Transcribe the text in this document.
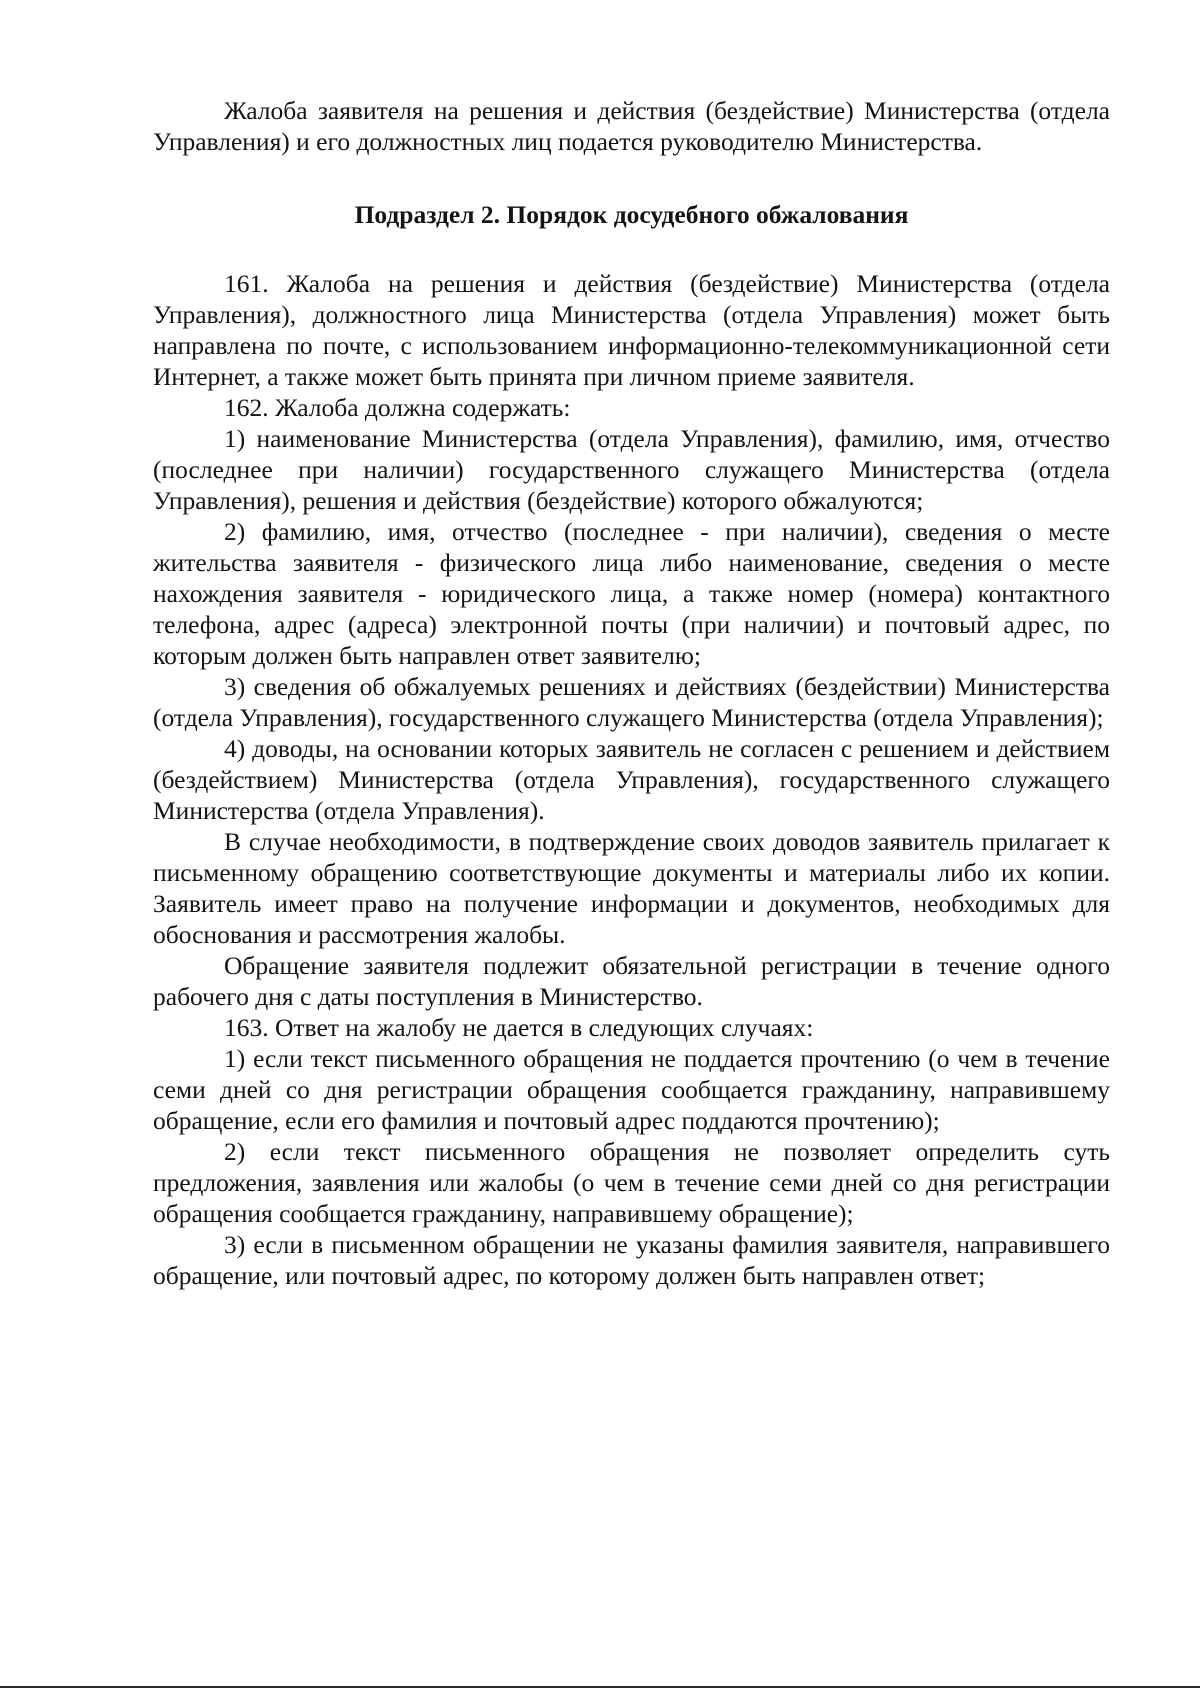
Жалоба заявителя на решения и действия (бездействие) Министерства (отдела Управления) и его должностных лиц подается руководителю Министерства.

Подраздел 2. Порядок досудебного обжалования

161. Жалоба на решения и действия (бездействие) Министерства (отдела Управления), должностного лица Министерства (отдела Управления) может быть направлена по почте, с использованием информационно-телекоммуникационной сети Интернет, а также может быть принята при личном приеме заявителя.

162. Жалоба должна содержать:

1) наименование Министерства (отдела Управления), фамилию, имя, отчество (последнее при наличии) государственного служащего Министерства (отдела Управления), решения и действия (бездействие) которого обжалуются;

2) фамилию, имя, отчество (последнее - при наличии), сведения о месте жительства заявителя - физического лица либо наименование, сведения о месте нахождения заявителя - юридического лица, а также номер (номера) контактного телефона, адрес (адреса) электронной почты (при наличии) и почтовый адрес, по которым должен быть направлен ответ заявителю;

3) сведения об обжалуемых решениях и действиях (бездействии) Министерства (отдела Управления), государственного служащего Министерства (отдела Управления);

4) доводы, на основании которых заявитель не согласен с решением и действием (бездействием) Министерства (отдела Управления), государственного служащего Министерства (отдела Управления).

В случае необходимости, в подтверждение своих доводов заявитель прилагает к письменному обращению соответствующие документы и материалы либо их копии. Заявитель имеет право на получение информации и документов, необходимых для обоснования и рассмотрения жалобы.

Обращение заявителя подлежит обязательной регистрации в течение одного рабочего дня с даты поступления в Министерство.

163. Ответ на жалобу не дается в следующих случаях:

1) если текст письменного обращения не поддается прочтению (о чем в течение семи дней со дня регистрации обращения сообщается гражданину, направившему обращение, если его фамилия и почтовый адрес поддаются прочтению);

2) если текст письменного обращения не позволяет определить суть предложения, заявления или жалобы (о чем в течение семи дней со дня регистрации обращения сообщается гражданину, направившему обращение);

3) если в письменном обращении не указаны фамилия заявителя, направившего обращение, или почтовый адрес, по которому должен быть направлен ответ;
